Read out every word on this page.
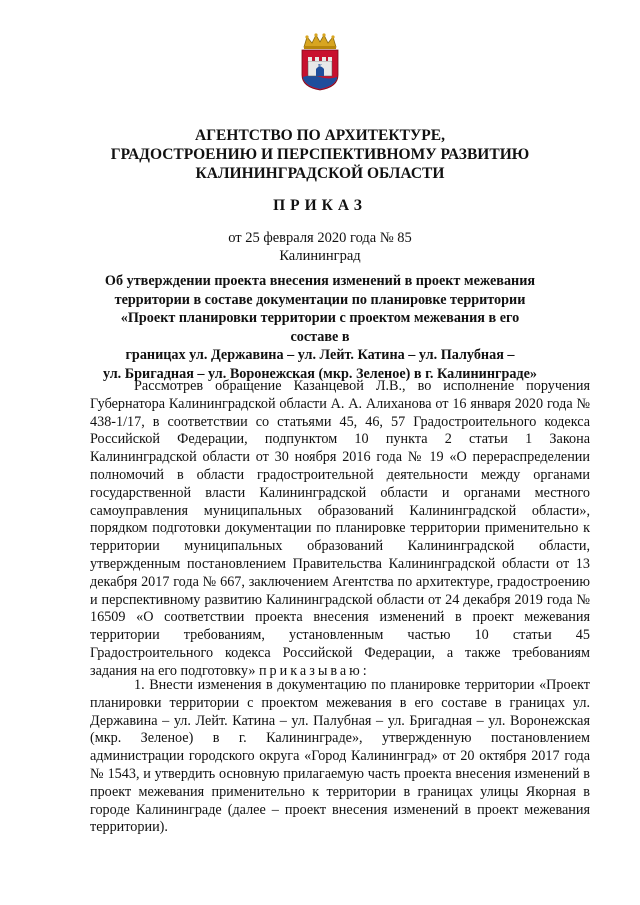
E
АГЕНТСТВО ПО АРХИТЕКТУРЕ,
ГРАДОСТРОЕНИЮ И ПЕРСПЕКТИВНОМУ РАЗВИТИЮ
КАЛИНИНГРАДСКОЙ ОБЛАСТИ
ПРИКАЗ
от 25 февраля 2020 года № 85
Калининград
Об утверждении проекта внесения изменений в проект межевания
территории в составе документации по планировке территории
«Проект планировки территории с проектом межевания в его составе в
границах ул. Державина – ул. Лейт. Катина – ул. Палубная –
ул. Бригадная – ул. Воронежская (мкр. Зеленое) в г. Калининграде»

Рассмотрев обращение Казанцевой Л.В., во исполнение поручения Губернатора Калининградской области А. А. Алиханова от 16 января 2020 года № 438-1/17, в соответствии со статьями 45, 46, 57 Градостроительного кодекса Российской Федерации, подпунктом 10 пункта 2 статьи 1 Закона Калининградской области от 30 ноября 2016 года № 19 «О перераспределении полномочий в области градостроительной деятельности между органами государственной власти Калининградской области и органами местного самоуправления муниципальных образований Калининградской области», порядком подготовки документации по планировке территории применительно к территории муниципальных образований Калининградской области, утвержденным постановлением Правительства Калининградской области от 13 декабря 2017 года № 667, заключением Агентства по архитектуре, градостроению и перспективному развитию Калининградской области от 24 декабря 2019 года № 16509 «О соответствии проекта внесения изменений в проект межевания территории требованиям, установленным частью 10 статьи 45 Градостроительного кодекса Российской Федерации, а также требованиям задания на его подготовку» приказываю:

1. Внести изменения в документацию по планировке территории «Проект планировки территории с проектом межевания в его составе в границах ул. Державина – ул. Лейт. Катина – ул. Палубная – ул. Бригадная – ул. Воронежская (мкр. Зеленое) в г. Калининграде», утвержденную постановлением администрации городского округа «Город Калининград» от 20 октября 2017 года № 1543, и утвердить основную прилагаемую часть проекта внесения изменений в проект межевания применительно к территории в границах улицы Якорная в городе Калининграде (далее – проект внесения изменений в проект межевания территории).
